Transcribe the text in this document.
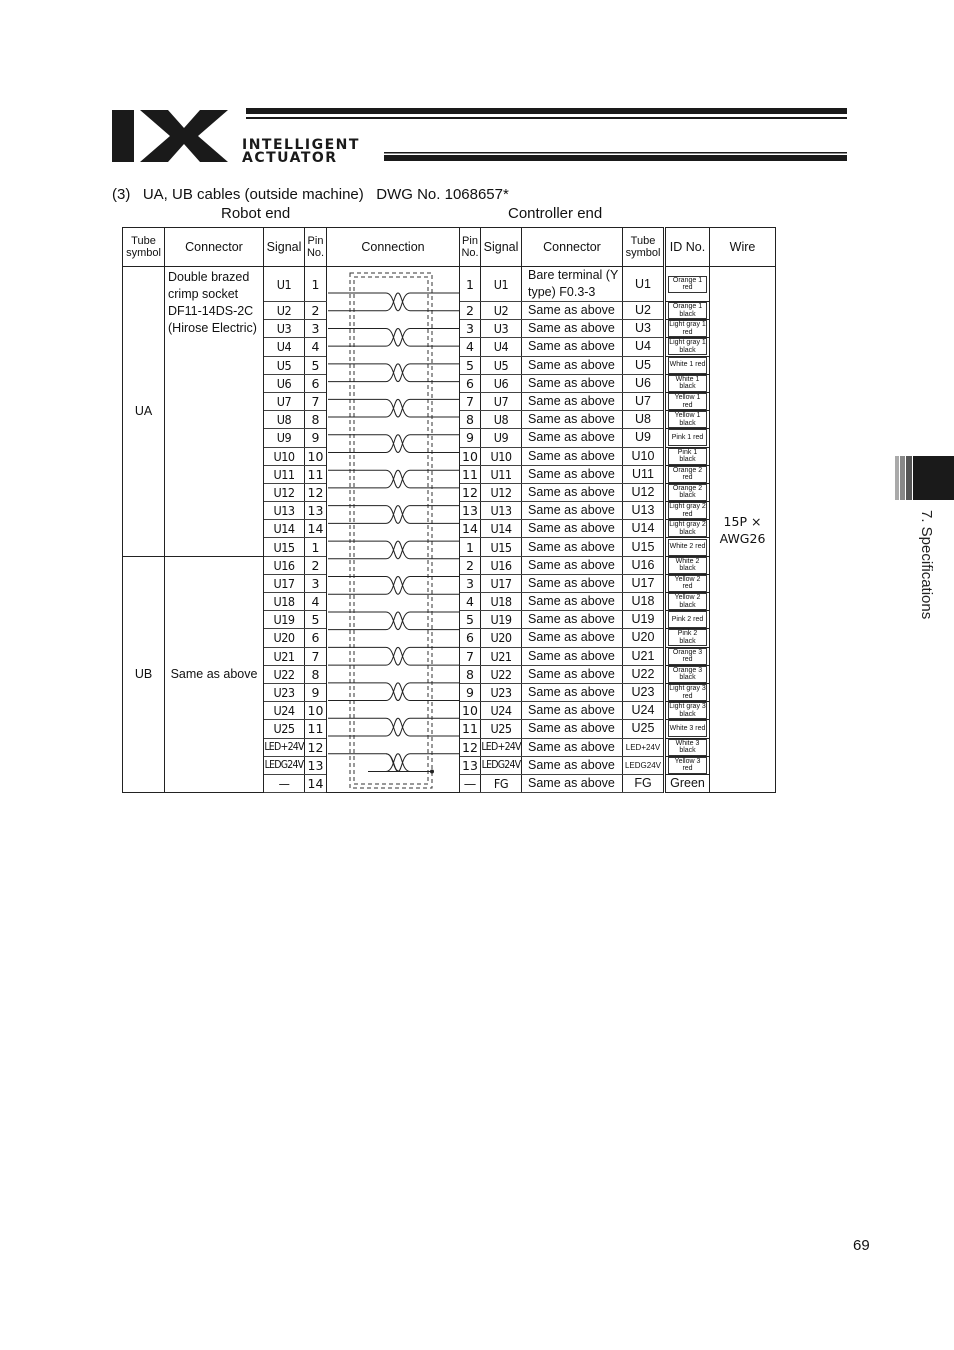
INTELLIGENT
ACTUATOR
(3)   UA, UB cables (outside machine)   DWG No. 1068657*
Robot end	Controller end
7. Specifications
69
Tube symbol	Connector	Signal	Pin No.	Connection	Pin No.	Signal	Connector	Tube symbol	ID No.	Wire
UA	Double brazed crimp socket DF11-14DS-2C (Hirose Electric)	U1	1		1	U1	Bare terminal (Y type) F0.3-3	U1	Orange 1 red	15P × AWG26
		U2	2		2	U2	Same as above	U2	Orange 1 black	

		U3	3		3	U3	Same as above	U3	Light gray 1 red	

		U4	4		4	U4	Same as above	U4	Light gray 1 black	

		U5	5		5	U5	Same as above	U5	White 1 red	

		U6	6		6	U6	Same as above	U6	White 1 black	

		U7	7		7	U7	Same as above	U7	Yellow 1 red	

		U8	8		8	U8	Same as above	U8	Yellow 1 black	

		U9	9		9	U9	Same as above	U9	Pink 1 red	

		U10	10		10	U10	Same as above	U10	Pink 1 black	

		U11	11		11	U11	Same as above	U11	Orange 2 red	

		U12	12		12	U12	Same as above	U12	Orange 2 black	

		U13	13		13	U13	Same as above	U13	Light gray 2 red	

		U14	14		14	U14	Same as above	U14	Light gray 2 black	

		U15	1		1	U15	Same as above	U15	White 2 red	

UB	Same as above	U16	2		2	U16	Same as above	U16	White 2 black	

		U17	3		3	U17	Same as above	U17	Yellow 2 red	

		U18	4		4	U18	Same as above	U18	Yellow 2 black	

		U19	5		5	U19	Same as above	U19	Pink 2 red	

		U20	6		6	U20	Same as above	U20	Pink 2 black	

		U21	7		7	U21	Same as above	U21	Orange 3 red	

		U22	8		8	U22	Same as above	U22	Orange 3 black	

		U23	9		9	U23	Same as above	U23	Light gray 3 red	

		U24	10		10	U24	Same as above	U24	Light gray 3 black	

		U25	11		11	U25	Same as above	U25	White 3 red	

		LED+24V	12		12	LED+24V	Same as above	LED+24V	White 3 black	

		LEDG24V	13		13	LEDG24V	Same as above	LEDG24V	Yellow 3 red	

		—	14		—	FG	Same as above	FG	Green	
